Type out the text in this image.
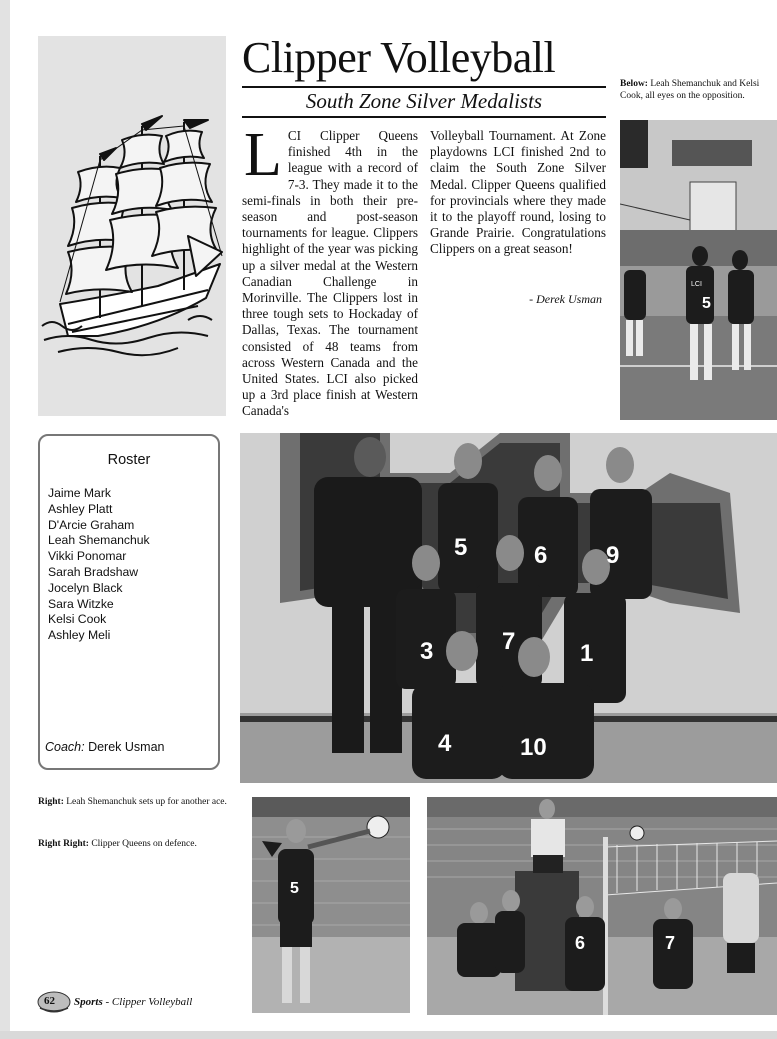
Clipper Volleyball
South Zone Silver Medalists
LCI Clipper Queens finished 4th in the league with a record of 7-3. They made it to the semi-finals in both their pre-season and post-season tournaments for league. Clippers highlight of the year was picking up a silver medal at the Western Canadian Challenge in Morinville. The Clippers lost in three tough sets to Hockaday of Dallas, Texas. The tournament consisted of 48 teams from across Western Canada and the United States. LCI also picked up a 3rd place finish at Western Canada's
Volleyball Tournament. At Zone playdowns LCI finished 2nd to claim the South Zone Silver Medal. Clipper Queens qualified for provincials where they made it to the playoff round, losing to Grande Prairie. Congratulations Clippers on a great season!
- Derek Usman
Below: Leah Shemanchuk and Kelsi Cook, all eyes on the opposition.
LCI
5
Roster
Jaime Mark
Ashley Platt
D'Arcie Graham
Leah Shemanchuk
Vikki Ponomar
Sarah Bradshaw
Jocelyn Black
Sara Witzke
Kelsi Cook
Ashley Meli
Coach: Derek Usman
5	6 9
3	7	1
4	10
Right: Leah Shemanchuk sets up for another ace.
Right Right: Clipper Queens on defence.
5
6	7
62 Sports - Clipper Volleyball
